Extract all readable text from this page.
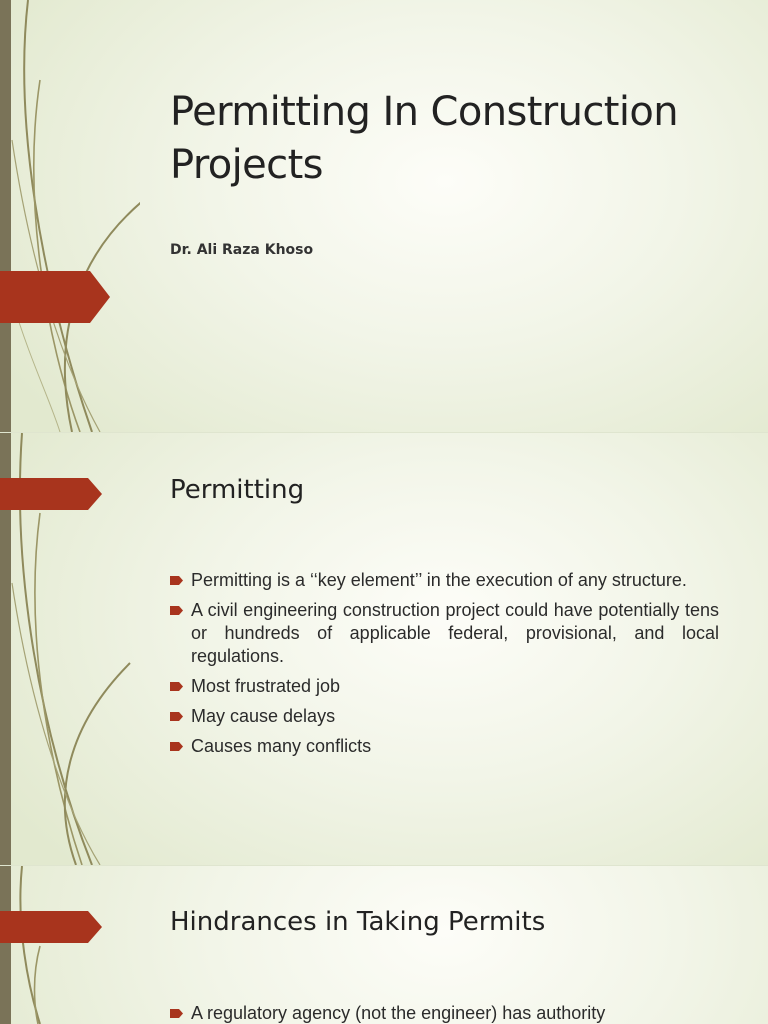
Permitting In Construction Projects

Dr. Ali Raza Khoso

Permitting
Permitting is a ‘‘key element’’ in the execution of any structure.
A civil engineering construction project could have potentially tens or hundreds of applicable federal, provisional, and local regulations.
Most frustrated job
May cause delays
Causes many conflicts
Hindrances in Taking Permits
A regulatory agency (not the engineer) has authority
